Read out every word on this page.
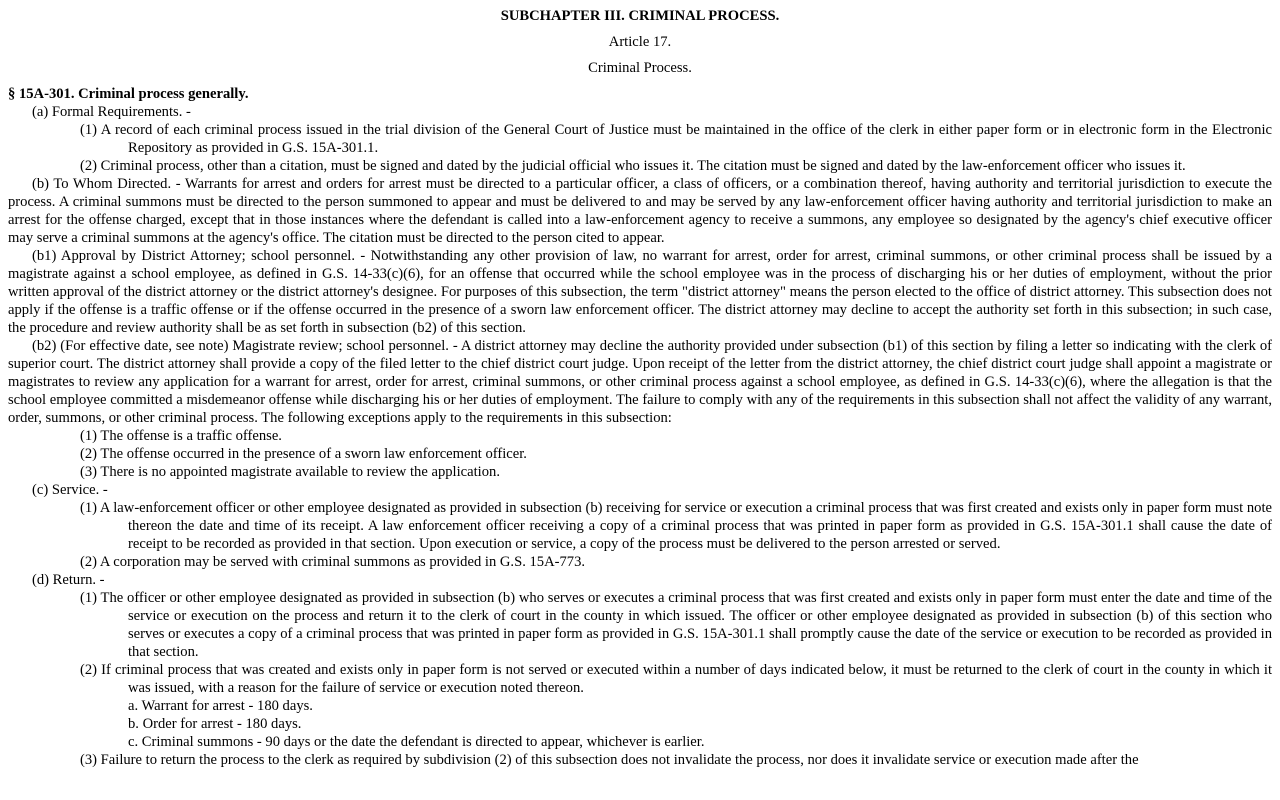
SUBCHAPTER III. CRIMINAL PROCESS.
Article 17.
Criminal Process.
§ 15A-301. Criminal process generally.

(a) Formal Requirements. -

(1) A record of each criminal process issued in the trial division of the General Court of Justice must be maintained in the office of the clerk in either paper form or in electronic form in the Electronic Repository as provided in G.S. 15A-301.1.

(2) Criminal process, other than a citation, must be signed and dated by the judicial official who issues it. The citation must be signed and dated by the law-enforcement officer who issues it.

(b) To Whom Directed. - Warrants for arrest and orders for arrest must be directed to a particular officer, a class of officers, or a combination thereof, having authority and territorial jurisdiction to execute the process. A criminal summons must be directed to the person summoned to appear and must be delivered to and may be served by any law-enforcement officer having authority and territorial jurisdiction to make an arrest for the offense charged, except that in those instances where the defendant is called into a law-enforcement agency to receive a summons, any employee so designated by the agency's chief executive officer may serve a criminal summons at the agency's office. The citation must be directed to the person cited to appear.

(b1) Approval by District Attorney; school personnel. - Notwithstanding any other provision of law, no warrant for arrest, order for arrest, criminal summons, or other criminal process shall be issued by a magistrate against a school employee, as defined in G.S. 14-33(c)(6), for an offense that occurred while the school employee was in the process of discharging his or her duties of employment, without the prior written approval of the district attorney or the district attorney's designee. For purposes of this subsection, the term "district attorney" means the person elected to the office of district attorney. This subsection does not apply if the offense is a traffic offense or if the offense occurred in the presence of a sworn law enforcement officer. The district attorney may decline to accept the authority set forth in this subsection; in such case, the procedure and review authority shall be as set forth in subsection (b2) of this section.

(b2) (For effective date, see note) Magistrate review; school personnel. - A district attorney may decline the authority provided under subsection (b1) of this section by filing a letter so indicating with the clerk of superior court. The district attorney shall provide a copy of the filed letter to the chief district court judge. Upon receipt of the letter from the district attorney, the chief district court judge shall appoint a magistrate or magistrates to review any application for a warrant for arrest, order for arrest, criminal summons, or other criminal process against a school employee, as defined in G.S. 14-33(c)(6), where the allegation is that the school employee committed a misdemeanor offense while discharging his or her duties of employment. The failure to comply with any of the requirements in this subsection shall not affect the validity of any warrant, order, summons, or other criminal process. The following exceptions apply to the requirements in this subsection:

(1) The offense is a traffic offense.

(2) The offense occurred in the presence of a sworn law enforcement officer.

(3) There is no appointed magistrate available to review the application.

(c) Service. -

(1) A law-enforcement officer or other employee designated as provided in subsection (b) receiving for service or execution a criminal process that was first created and exists only in paper form must note thereon the date and time of its receipt. A law enforcement officer receiving a copy of a criminal process that was printed in paper form as provided in G.S. 15A-301.1 shall cause the date of receipt to be recorded as provided in that section. Upon execution or service, a copy of the process must be delivered to the person arrested or served.

(2) A corporation may be served with criminal summons as provided in G.S. 15A-773.

(d) Return. -

(1) The officer or other employee designated as provided in subsection (b) who serves or executes a criminal process that was first created and exists only in paper form must enter the date and time of the service or execution on the process and return it to the clerk of court in the county in which issued. The officer or other employee designated as provided in subsection (b) of this section who serves or executes a copy of a criminal process that was printed in paper form as provided in G.S. 15A-301.1 shall promptly cause the date of the service or execution to be recorded as provided in that section.

(2) If criminal process that was created and exists only in paper form is not served or executed within a number of days indicated below, it must be returned to the clerk of court in the county in which it was issued, with a reason for the failure of service or execution noted thereon.

a. Warrant for arrest - 180 days.

b. Order for arrest - 180 days.

c. Criminal summons - 90 days or the date the defendant is directed to appear, whichever is earlier.

(3) Failure to return the process to the clerk as required by subdivision (2) of this subsection does not invalidate the process, nor does it invalidate service or execution made after the
